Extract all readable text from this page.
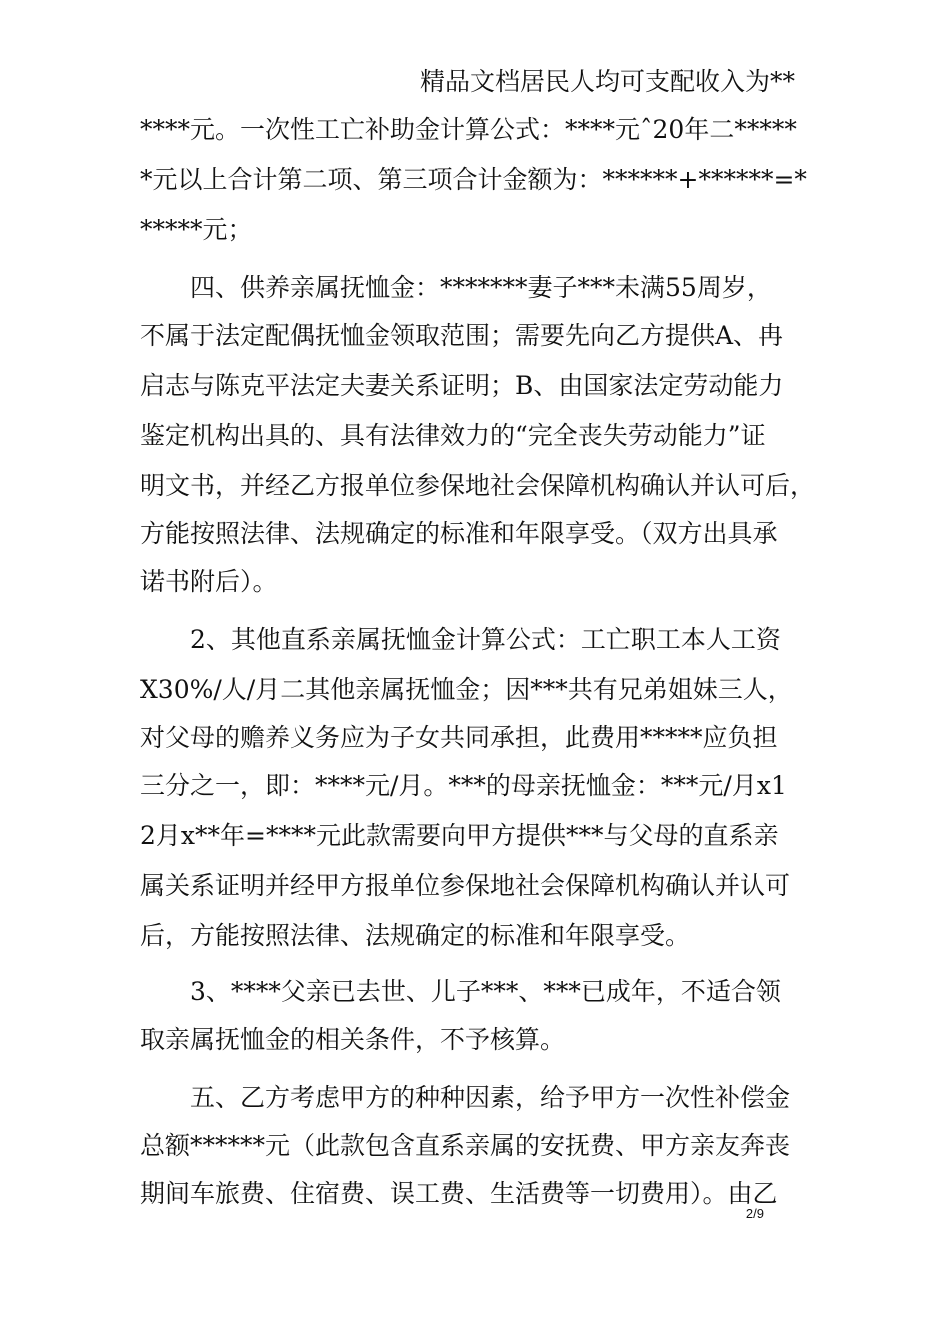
精品文档居民人均可支配收入为**
****元。一次性工亡补助金计算公式：****元ˆ20年二*****
*元以上合计第二项、第三项合计金额为：******+******=*
*****元；
　　四、供养亲属抚恤金：*******妻子***未满55周岁，
不属于法定配偶抚恤金领取范围；需要先向乙方提供A、冉
启志与陈克平法定夫妻关系证明；B、由国家法定劳动能力
鉴定机构出具的、具有法律效力的“完全丧失劳动能力”证
明文书，并经乙方报单位参保地社会保障机构确认并认可后，
方能按照法律、法规确定的标准和年限享受。（双方出具承
诺书附后）。
　　2、其他直系亲属抚恤金计算公式：工亡职工本人工资
X30%/人/月二其他亲属抚恤金；因***共有兄弟姐妹三人，
对父母的赡养义务应为子女共同承担，此费用*****应负担
三分之一，即：****元/月。***的母亲抚恤金：***元/月x1
2月x**年=****元此款需要向甲方提供***与父母的直系亲
属关系证明并经甲方报单位参保地社会保障机构确认并认可
后，方能按照法律、法规确定的标准和年限享受。
　　3、****父亲已去世、儿子***、***已成年，不适合领
取亲属抚恤金的相关条件，不予核算。
　　五、乙方考虑甲方的种种因素，给予甲方一次性补偿金
总额******元（此款包含直系亲属的安抚费、甲方亲友奔丧
期间车旅费、住宿费、误工费、生活费等一切费用）。由乙
2/9
